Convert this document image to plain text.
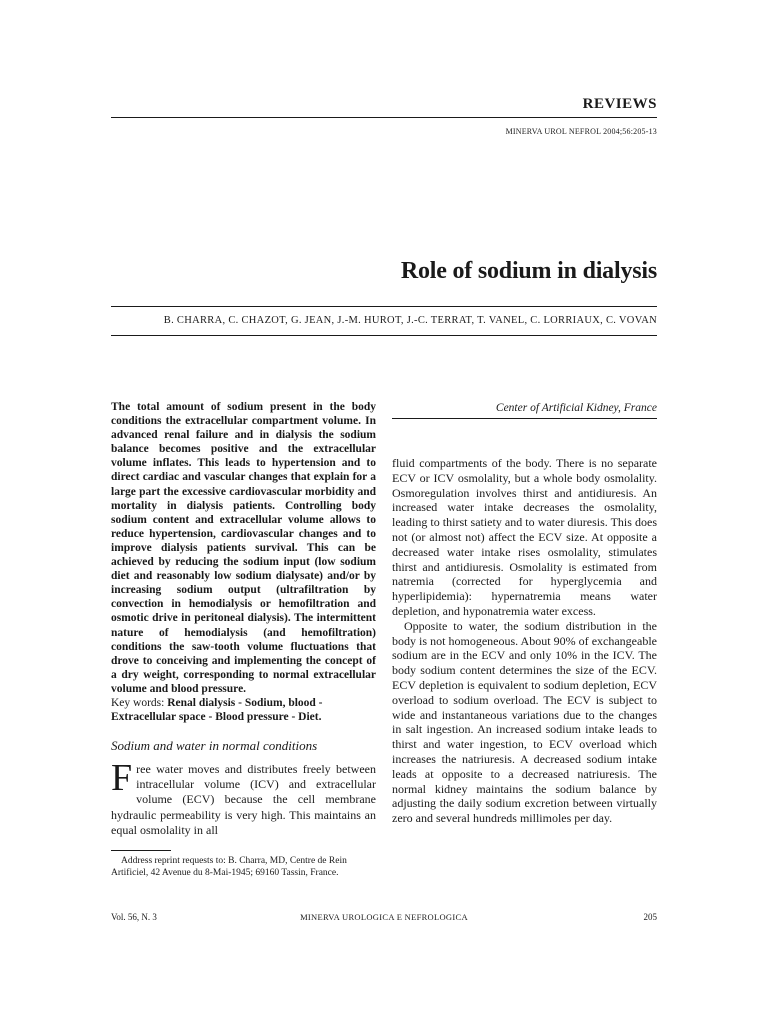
REVIEWS
MINERVA UROL NEFROL 2004;56:205-13
Role of sodium in dialysis
B. CHARRA, C. CHAZOT, G. JEAN, J.-M. HUROT, J.-C. TERRAT, T. VANEL, C. LORRIAUX, C. VOVAN

The total amount of sodium present in the body conditions the extracellular compartment volume. In advanced renal failure and in dialysis the sodium balance becomes positive and the extracellular volume inflates. This leads to hypertension and to direct cardiac and vascular changes that explain for a large part the excessive cardiovascular morbidity and mortality in dialysis patients. Controlling body sodium content and extracellular volume allows to reduce hypertension, cardiovascular changes and to improve dialysis patients survival. This can be achieved by reducing the sodium input (low sodium diet and reasonably low sodium dialysate) and/or by increasing sodium output (ultrafiltration by convection in hemodialysis or hemofiltration and osmotic drive in peritoneal dialysis). The intermittent nature of hemodialysis (and hemofiltration) conditions the saw-tooth volume fluctuations that drove to conceiving and implementing the concept of a dry weight, corresponding to normal extracellular volume and blood pressure.

Key words: Renal dialysis - Sodium, blood - Extracellular space - Blood pressure - Diet.

Sodium and water in normal conditions

Free water moves and distributes freely between intracellular volume (ICV) and extracellular volume (ECV) because the cell membrane hydraulic permeability is very high. This maintains an equal osmolality in all

Address reprint requests to: B. Charra, MD, Centre de Rein Artificiel, 42 Avenue du 8-Mai-1945; 69160 Tassin, France.

Center of Artificial Kidney, France

fluid compartments of the body. There is no separate ECV or ICV osmolality, but a whole body osmolality. Osmoregulation involves thirst and antidiuresis. An increased water intake decreases the osmolality, leading to thirst satiety and to water diuresis. This does not (or almost not) affect the ECV size. At opposite a decreased water intake rises osmolality, stimulates thirst and antidiuresis. Osmolality is estimated from natremia (corrected for hyperglycemia and hyperlipidemia): hypernatremia means water depletion, and hyponatremia water excess.

Opposite to water, the sodium distribution in the body is not homogeneous. About 90% of exchangeable sodium are in the ECV and only 10% in the ICV. The body sodium content determines the size of the ECV. ECV depletion is equivalent to sodium depletion, ECV overload to sodium overload. The ECV is subject to wide and instantaneous variations due to the changes in salt ingestion. An increased sodium intake leads to thirst and water ingestion, to ECV overload which increases the natriuresis. A decreased sodium intake leads at opposite to a decreased natriuresis. The normal kidney maintains the sodium balance by adjusting the daily sodium excretion between virtually zero and several hundreds millimoles per day.

Vol. 56, N. 3	MINERVA UROLOGICA E NEFROLOGICA	205
